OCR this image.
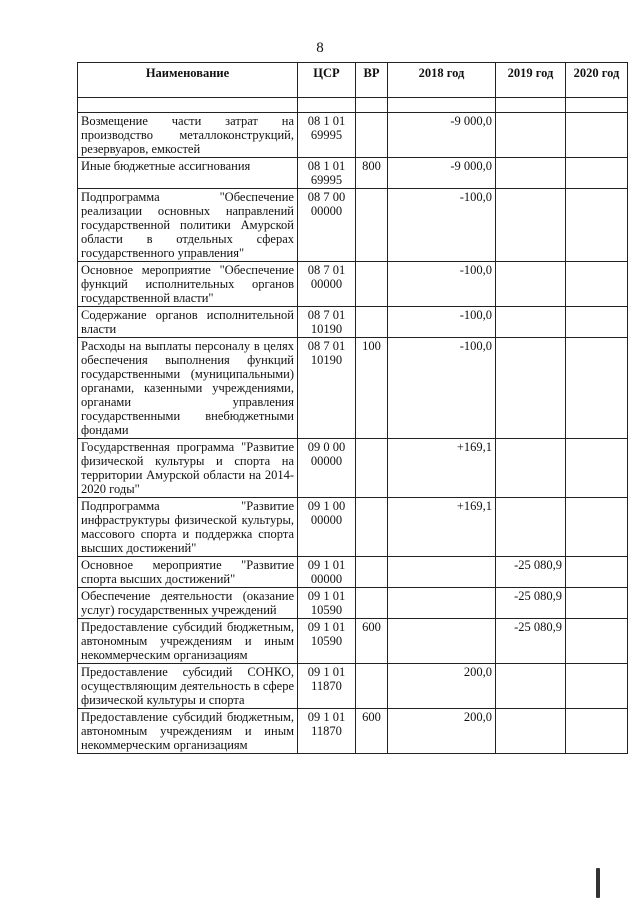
8
Наименование	ЦСР	ВР	2018 год	2019 год	2020 год

Возмещение части затрат на производство металлоконструкций, резервуаров, емкостей	08 1 01 69995		-9 000,0		
Иные бюджетные ассигнования	08 1 01 69995	800	-9 000,0		
Подпрограмма "Обеспечение реализации основных направлений государственной политики Амурской области в отдельных сферах государственного управления"	08 7 00 00000		-100,0		
Основное мероприятие "Обеспечение функций исполнительных органов государственной власти"	08 7 01 00000		-100,0		
Содержание органов исполнительной власти	08 7 01 10190		-100,0		
Расходы на выплаты персоналу в целях обеспечения выполнения функций государственными (муниципальными) органами, казенными учреждениями, органами управления государственными внебюджетными фондами	08 7 01 10190	100	-100,0		
Государственная программа "Развитие физической культуры и спорта на территории Амурской области на 2014-2020 годы"	09 0 00 00000		+169,1		
Подпрограмма "Развитие инфраструктуры физической культуры, массового спорта и поддержка спорта высших достижений"	09 1 00 00000		+169,1		
Основное мероприятие "Развитие спорта высших достижений"	09 1 01 00000			-25 080,9	
Обеспечение деятельности (оказание услуг) государственных учреждений	09 1 01 10590			-25 080,9	
Предоставление субсидий бюджетным, автономным учреждениям и иным некоммерческим организациям	09 1 01 10590	600		-25 080,9	
Предоставление субсидий СОНКО, осуществляющим деятельность в сфере физической культуры и спорта	09 1 01 11870		200,0		
Предоставление субсидий бюджетным, автономным учреждениям и иным некоммерческим организациям	09 1 01 11870	600	200,0		
